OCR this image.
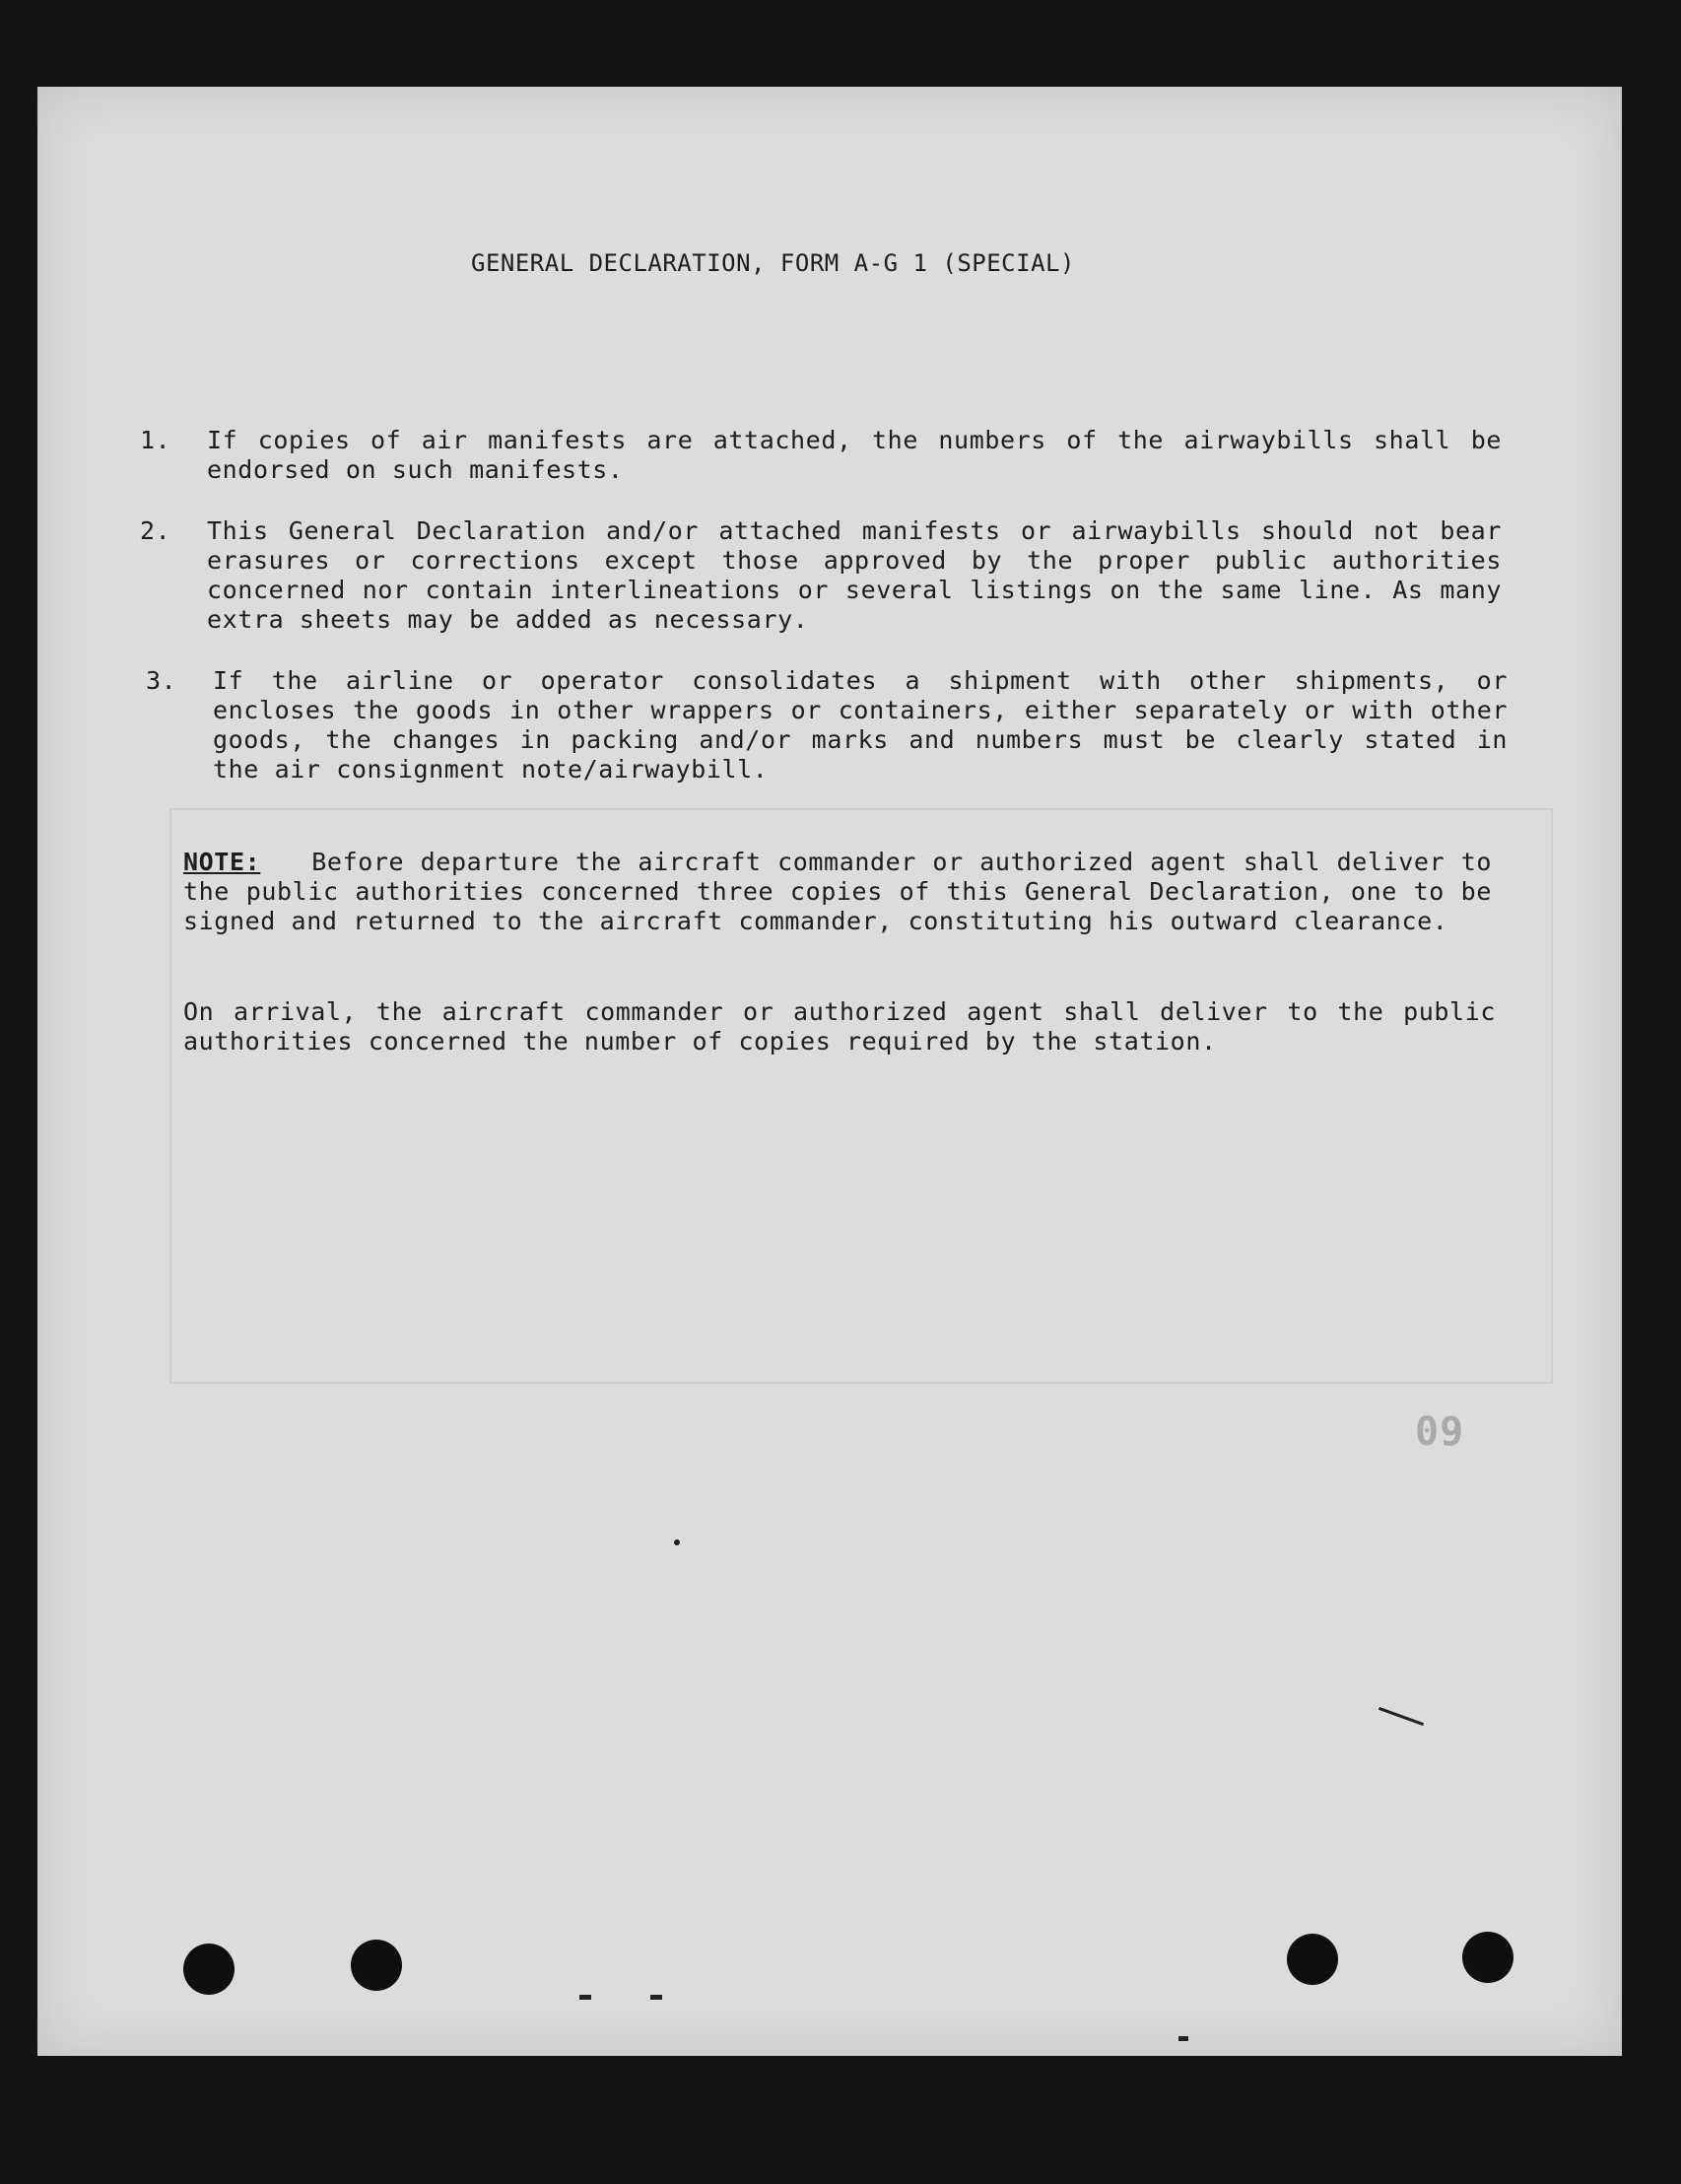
GENERAL DECLARATION, FORM A-G 1 (SPECIAL)
1.	If copies of air manifests are attached, the numbers of the airwaybills shall be endorsed on such manifests.
2.	This General Declaration and/or attached manifests or airwaybills should not bear erasures or corrections except those approved by the proper public authorities concerned nor contain interlineations or several listings on the same line. As many extra sheets may be added as necessary.
3.	If the airline or operator consolidates a shipment with other shipments, or encloses the goods in other wrappers or containers, either separately or with other goods, the changes in packing and/or marks and numbers must be clearly stated in the air consignment note/airwaybill.
NOTE: Before departure the aircraft commander or authorized agent shall deliver to the public authorities concerned three copies of this General Declaration, one to be signed and returned to the aircraft commander, constituting his outward clearance.
On arrival, the aircraft commander or authorized agent shall deliver to the public authorities concerned the number of copies required by the station.
09
